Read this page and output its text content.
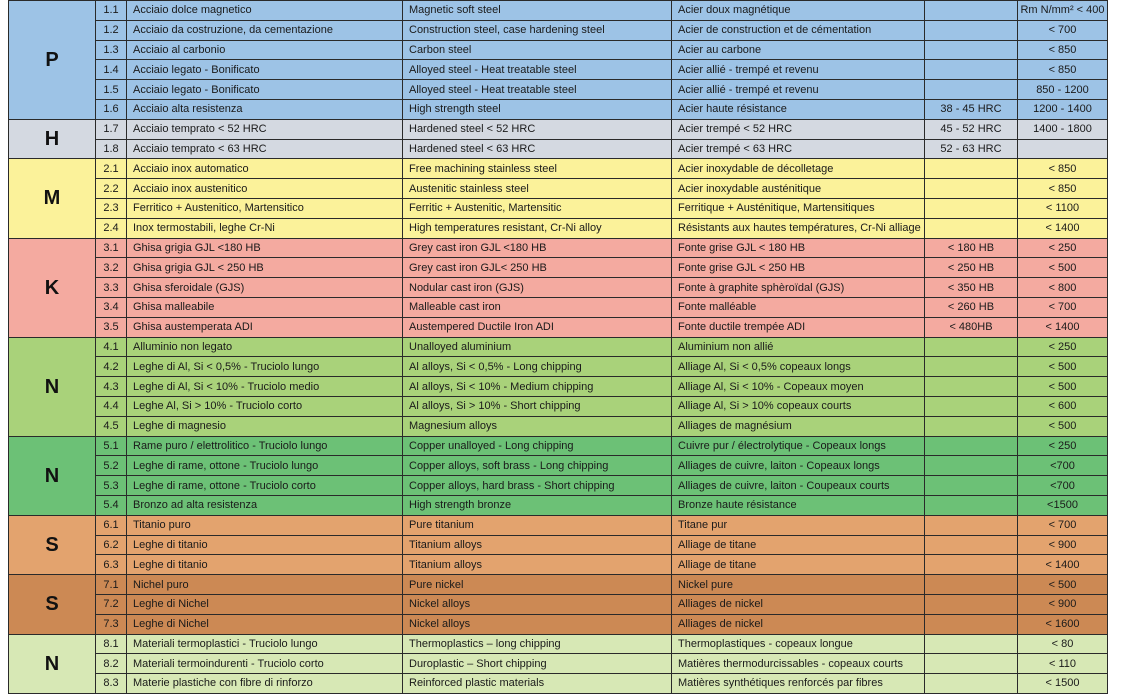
P	1.1	Acciaio dolce magnetico	Magnetic soft steel	Acier doux magnétique		Rm N/mm² < 400
	1.2	Acciaio da costruzione, da cementazione	Construction steel, case hardening steel	Acier de construction et de cémentation		< 700
	1.3	Acciaio al carbonio	Carbon steel	Acier au carbone		< 850
	1.4	Acciaio legato - Bonificato	Alloyed steel - Heat treatable steel	Acier allié - trempé et revenu		< 850
	1.5	Acciaio legato - Bonificato	Alloyed steel - Heat treatable steel	Acier allié - trempé et revenu		850 - 1200
	1.6	Acciaio alta resistenza	High strength steel	Acier haute résistance	38 - 45 HRC	1200 - 1400
H	1.7	Acciaio temprato < 52 HRC	Hardened steel < 52 HRC	Acier trempé < 52 HRC	45 - 52 HRC	1400 - 1800
	1.8	Acciaio temprato < 63 HRC	Hardened steel < 63 HRC	Acier trempé < 63 HRC	52 - 63 HRC	
M	2.1	Acciaio inox automatico	Free machining stainless steel	Acier inoxydable de décolletage		< 850
	2.2	Acciaio inox austenitico	Austenitic stainless steel	Acier inoxydable austénitique		< 850
	2.3	Ferritico + Austenitico, Martensitico	Ferritic + Austenitic, Martensitic	Ferritique + Austénitique, Martensitiques		< 1100
	2.4	Inox termostabili, leghe Cr-Ni	High temperatures resistant, Cr-Ni alloy	Résistants aux hautes températures, Cr-Ni alliage		< 1400
K	3.1	Ghisa grigia GJL <180 HB	Grey cast iron GJL <180 HB	Fonte grise GJL < 180 HB	< 180 HB	< 250
	3.2	Ghisa grigia GJL < 250 HB	Grey cast iron GJL< 250 HB	Fonte grise GJL < 250 HB	< 250 HB	< 500
	3.3	Ghisa sferoidale (GJS)	Nodular cast iron (GJS)	Fonte à graphite sphèroïdal (GJS)	< 350 HB	< 800
	3.4	Ghisa malleabile	Malleable cast iron	Fonte malléable	< 260 HB	< 700
	3.5	Ghisa austemperata ADI	Austempered Ductile Iron ADI	Fonte ductile trempée ADI	< 480HB	< 1400
N	4.1	Alluminio non legato	Unalloyed aluminium	Aluminium non allié		< 250
	4.2	Leghe di Al, Si < 0,5% - Truciolo lungo	Al alloys, Si < 0,5% - Long chipping	Alliage Al, Si < 0,5% copeaux longs		< 500
	4.3	Leghe di Al, Si < 10% - Truciolo medio	Al alloys, Si < 10% - Medium chipping	Alliage Al, Si < 10% - Copeaux moyen		< 500
	4.4	Leghe Al, Si > 10% - Truciolo corto	Al alloys, Si > 10% - Short chipping	Alliage Al, Si > 10% copeaux courts		< 600
	4.5	Leghe di magnesio	Magnesium alloys	Alliages de magnésium		< 500
N	5.1	Rame puro / elettrolitico - Truciolo lungo	Copper unalloyed - Long chipping	Cuivre pur / électrolytique - Copeaux longs		< 250
	5.2	Leghe di rame, ottone - Truciolo lungo	Copper alloys, soft brass - Long chipping	Alliages de cuivre, laiton - Copeaux longs		<700
	5.3	Leghe di rame, ottone - Truciolo corto	Copper alloys, hard brass - Short chipping	Alliages de cuivre, laiton - Coupeaux courts		<700
	5.4	Bronzo ad alta resistenza	High strength bronze	Bronze haute résistance		<1500
S	6.1	Titanio puro	Pure titanium	Titane pur		< 700
	6.2	Leghe di titanio	Titanium alloys	Alliage de titane		< 900
	6.3	Leghe di titanio	Titanium alloys	Alliage de titane		< 1400
S	7.1	Nichel puro	Pure nickel	Nickel pure		< 500
	7.2	Leghe di Nichel	Nickel alloys	Alliages de nickel		< 900
	7.3	Leghe di Nichel	Nickel alloys	Alliages de nickel		< 1600
N	8.1	Materiali termoplastici - Truciolo lungo	Thermoplastics – long chipping	Thermoplastiques - copeaux longue		< 80
	8.2	Materiali termoindurenti - Truciolo corto	Duroplastic – Short chipping	Matières thermodurcissables - copeaux courts		< 110
	8.3	Materie plastiche con fibre di rinforzo	Reinforced plastic materials	Matières synthétiques renforcés par fibres		< 1500
